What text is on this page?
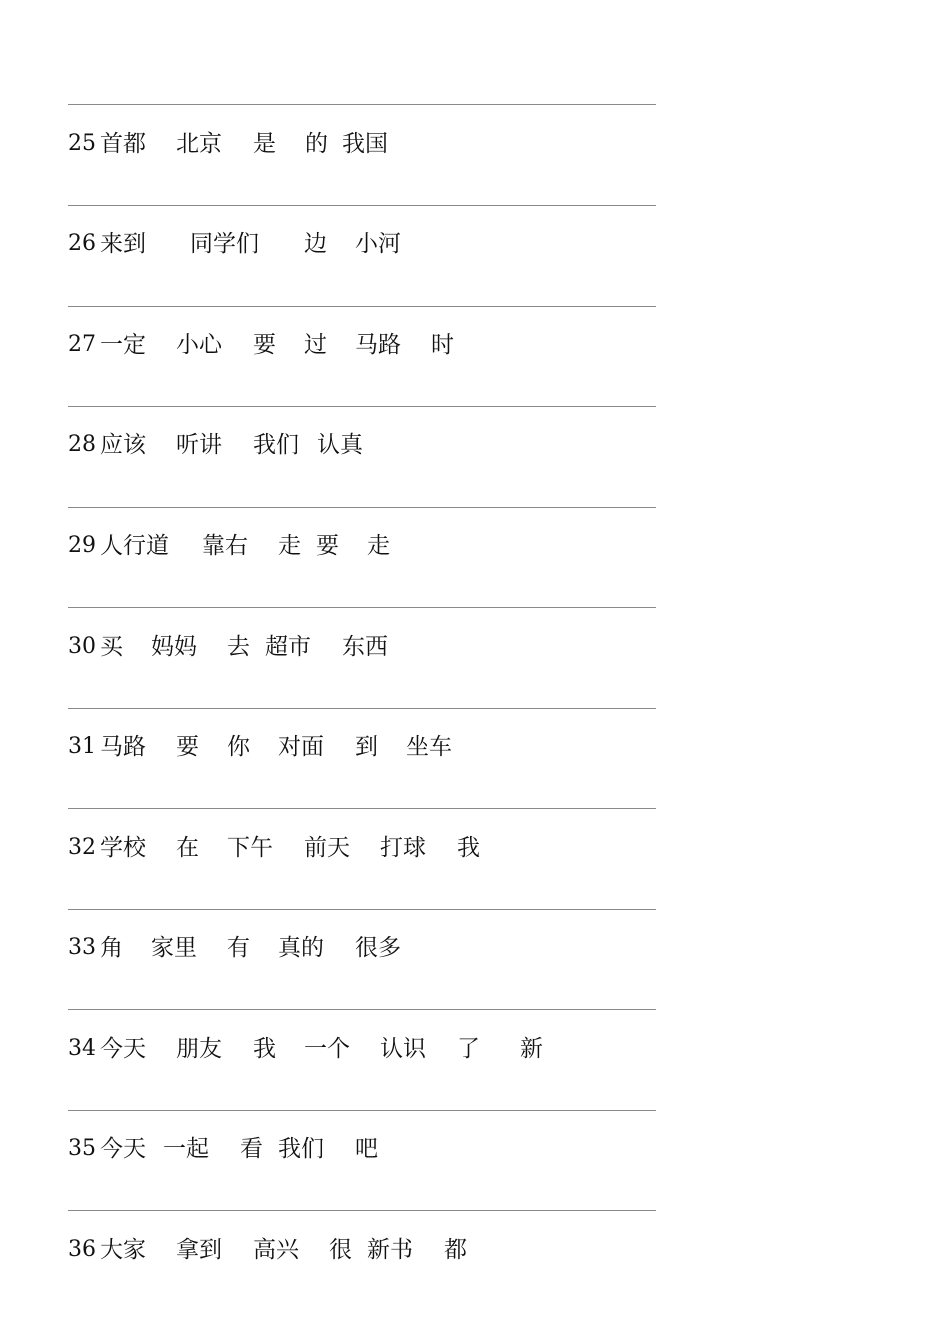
25 首都 北京 是 的 我国
26 来到 同学们 边 小河
27 一定 小心 要 过 马路 时
28 应该 听讲 我们 认真
29 人行道 靠右 走 要 走
30 买 妈妈 去 超市 东西
31 马路 要 你 对面 到 坐车
32 学校 在 下午 前天 打球 我
33 角 家里 有 真的 很多
34 今天 朋友 我 一个 认识 了 新
35 今天 一起 看 我们 吧
36 大家 拿到 高兴 很 新书 都
